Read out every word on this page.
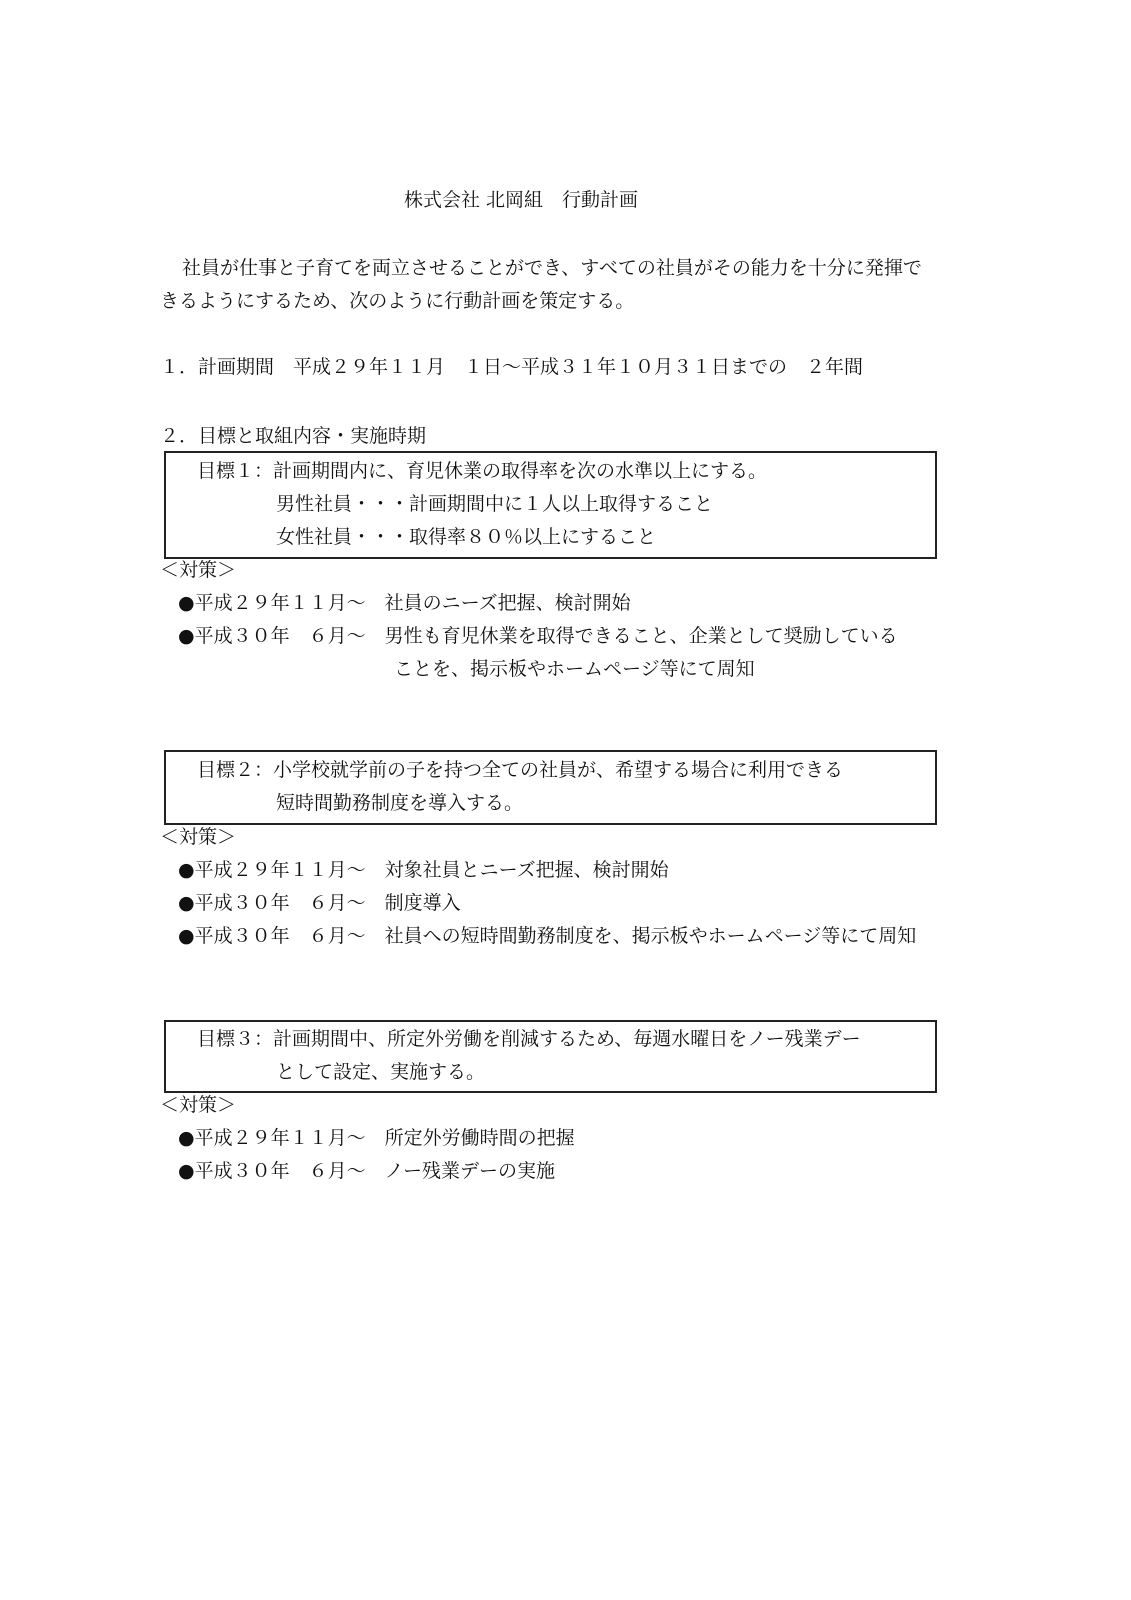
株式会社 北岡組　行動計画
社員が仕事と子育てを両立させることができ、すべての社員がその能力を十分に発揮で
きるようにするため、次のように行動計画を策定する。
１．計画期間　平成２９年１１月　１日～平成３１年１０月３１日までの　２年間
２．目標と取組内容・実施時期
目標１：計画期間内に、育児休業の取得率を次の水準以上にする。
男性社員・・・計画期間中に１人以上取得すること
女性社員・・・取得率８０％以上にすること
＜対策＞
●平成２９年１１月～　社員のニーズ把握、検討開始
●平成３０年　６月～　男性も育児休業を取得できること、企業として奨励している
ことを、掲示板やホームページ等にて周知
目標２：小学校就学前の子を持つ全ての社員が、希望する場合に利用できる
短時間勤務制度を導入する。
＜対策＞
●平成２９年１１月～　対象社員とニーズ把握、検討開始
●平成３０年　６月～　制度導入
●平成３０年　６月～　社員への短時間勤務制度を、掲示板やホームページ等にて周知
目標３：計画期間中、所定外労働を削減するため、毎週水曜日をノー残業デー
として設定、実施する。
＜対策＞
●平成２９年１１月～　所定外労働時間の把握
●平成３０年　６月～　ノー残業デーの実施
